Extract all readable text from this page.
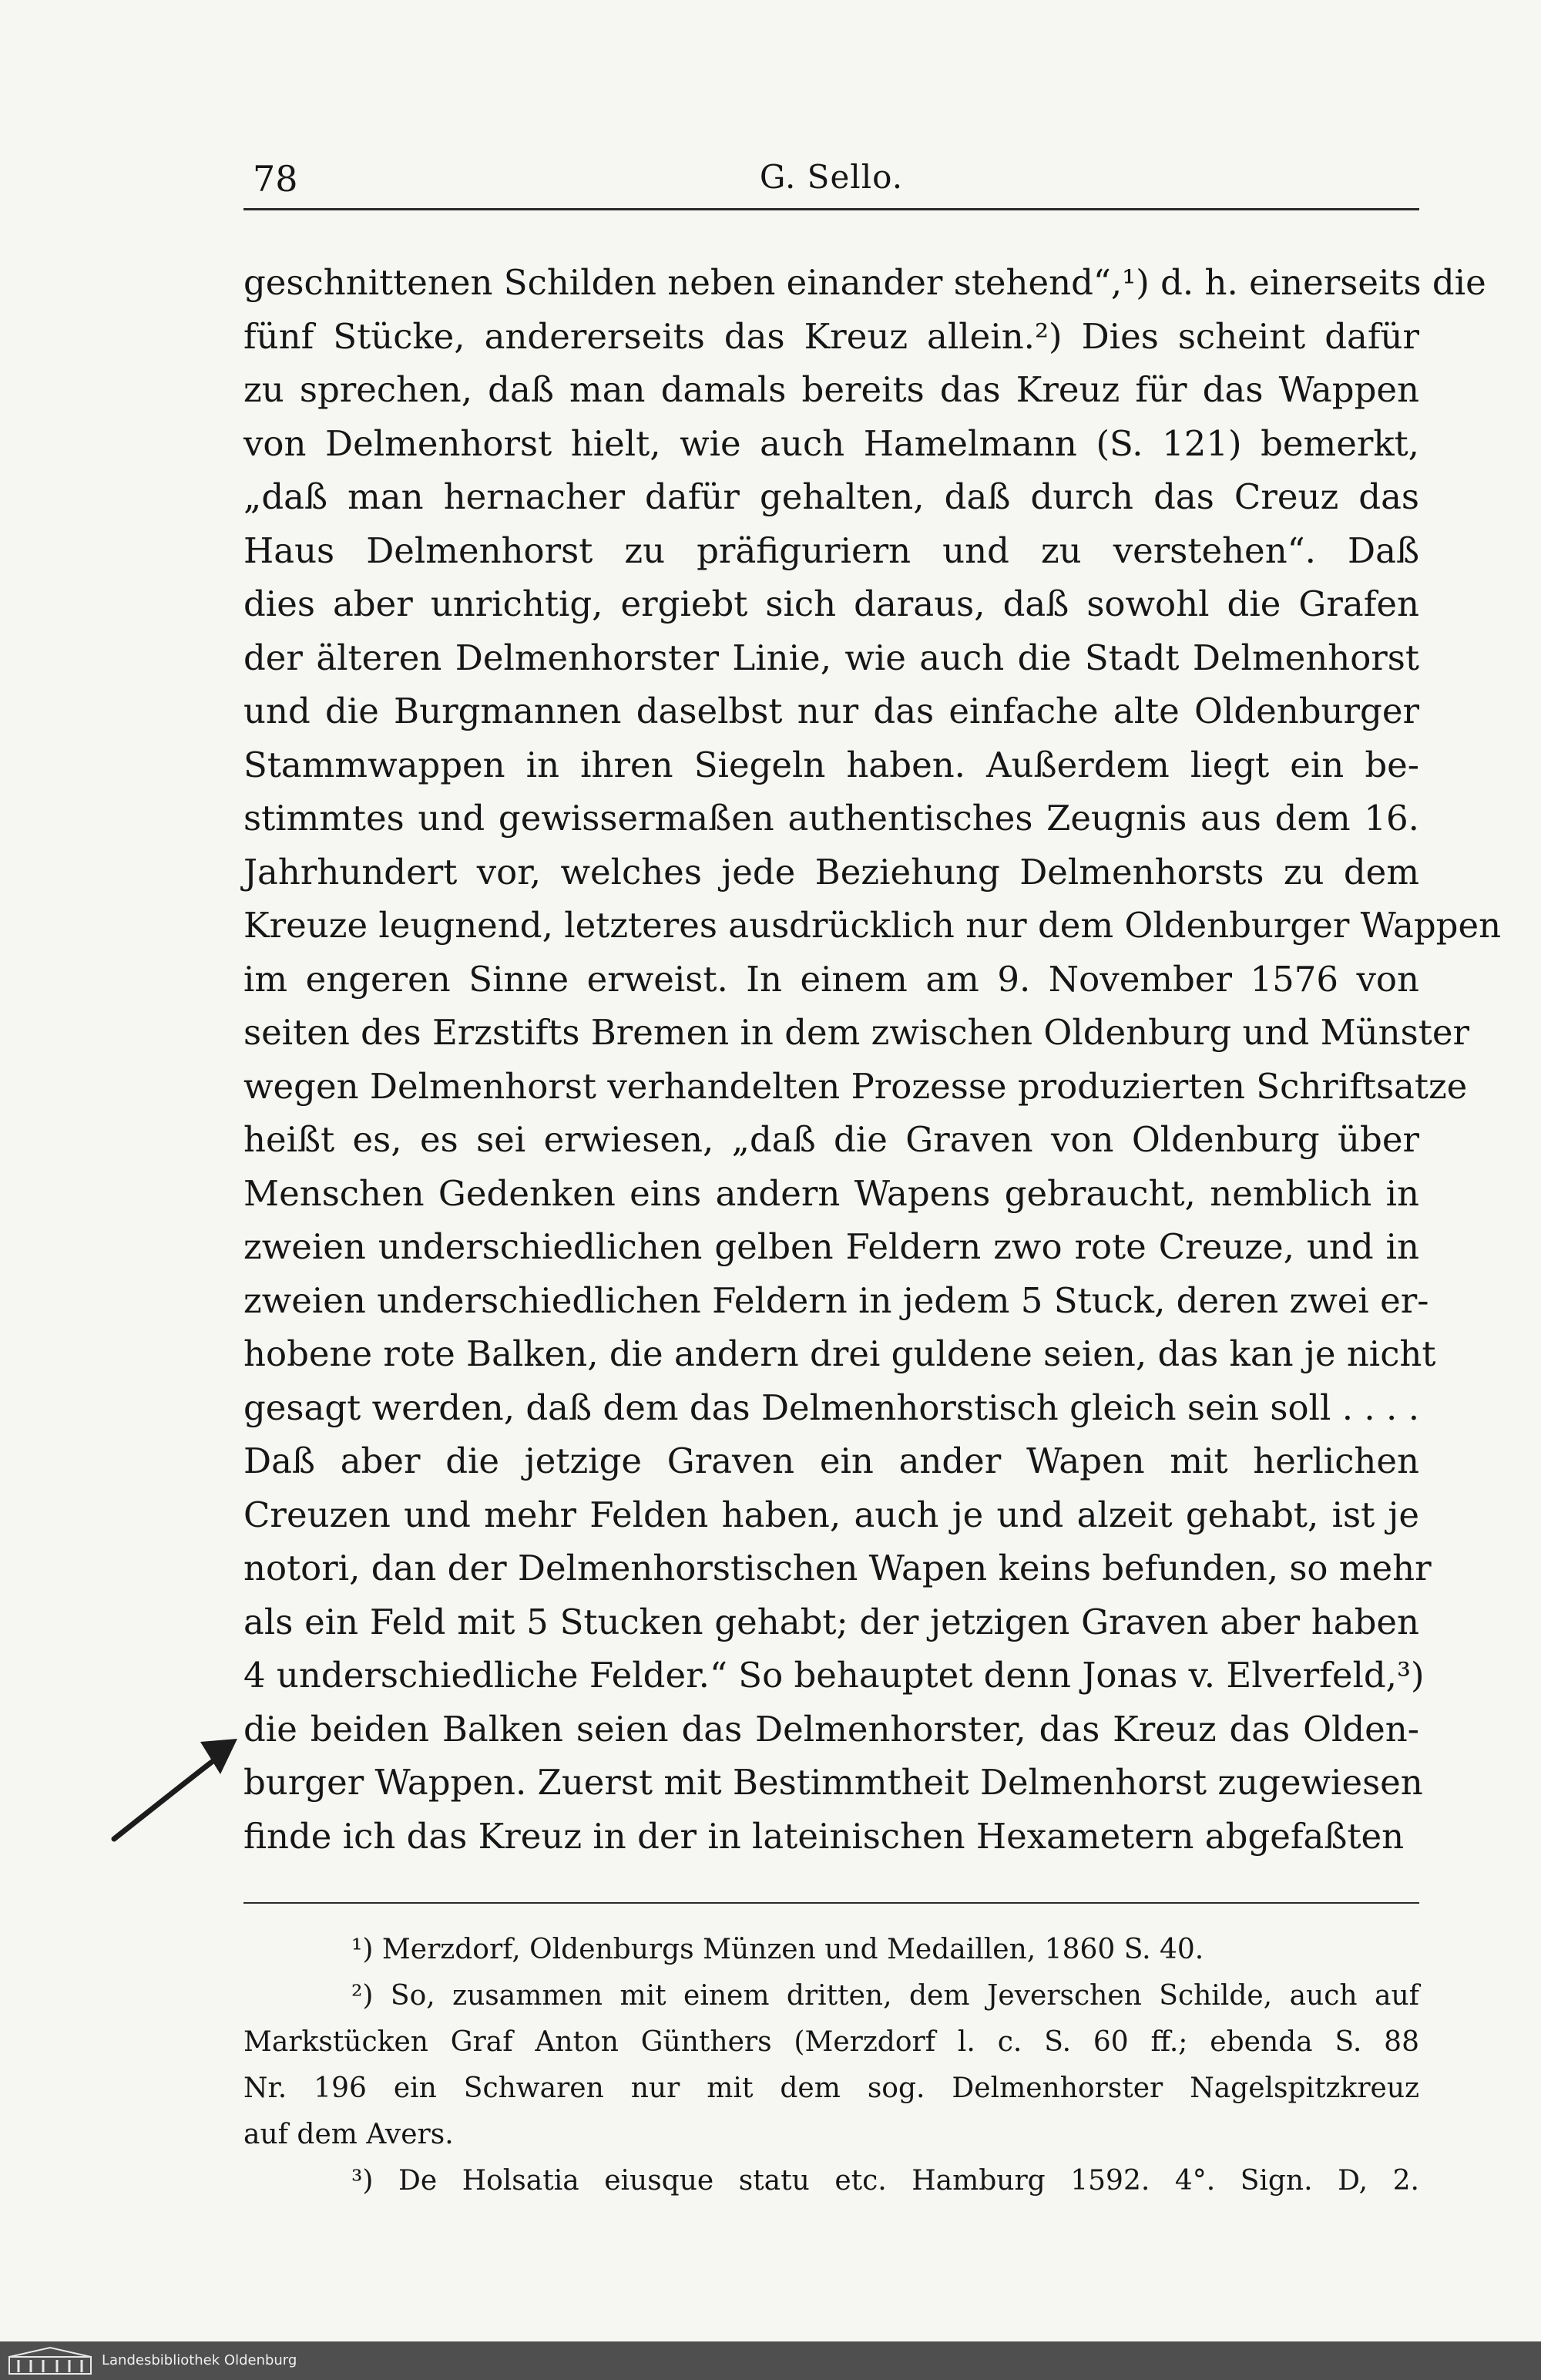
78	G. Sello.
geschnittenen Schilden neben einander stehend“,¹) d. h. einerseits die
fünf Stücke, andererseits das Kreuz allein.²) Dies scheint dafür
zu sprechen, daß man damals bereits das Kreuz für das Wappen
von Delmenhorst hielt, wie auch Hamelmann (S. 121) bemerkt,
„daß man hernacher dafür gehalten, daß durch das Creuz das
Haus Delmenhorst zu präfiguriern und zu verstehen“. Daß
dies aber unrichtig, ergiebt sich daraus, daß sowohl die Grafen
der älteren Delmenhorster Linie, wie auch die Stadt Delmenhorst
und die Burgmannen daselbst nur das einfache alte Oldenburger
Stammwappen in ihren Siegeln haben. Außerdem liegt ein be-
stimmtes und gewissermaßen authentisches Zeugnis aus dem 16.
Jahrhundert vor, welches jede Beziehung Delmenhorsts zu dem
Kreuze leugnend, letzteres ausdrücklich nur dem Oldenburger Wappen
im engeren Sinne erweist. In einem am 9. November 1576 von
seiten des Erzstifts Bremen in dem zwischen Oldenburg und Münster
wegen Delmenhorst verhandelten Prozesse produzierten Schriftsatze
heißt es, es sei erwiesen, „daß die Graven von Oldenburg über
Menschen Gedenken eins andern Wapens gebraucht, nemblich in
zweien underschiedlichen gelben Feldern zwo rote Creuze, und in
zweien underschiedlichen Feldern in jedem 5 Stuck, deren zwei er-
hobene rote Balken, die andern drei guldene seien, das kan je nicht
gesagt werden, daß dem das Delmenhorstisch gleich sein soll . . . .
Daß aber die jetzige Graven ein ander Wapen mit herlichen
Creuzen und mehr Felden haben, auch je und alzeit gehabt, ist je
notori, dan der Delmenhorstischen Wapen keins befunden, so mehr
als ein Feld mit 5 Stucken gehabt; der jetzigen Graven aber haben
4 underschiedliche Felder.“ So behauptet denn Jonas v. Elverfeld,³)
die beiden Balken seien das Delmenhorster, das Kreuz das Olden-
burger Wappen. Zuerst mit Bestimmtheit Delmenhorst zugewiesen
finde ich das Kreuz in der in lateinischen Hexametern abgefaßten
¹) Merzdorf, Oldenburgs Münzen und Medaillen, 1860 S. 40.
²) So, zusammen mit einem dritten, dem Jeverschen Schilde, auch auf
Markstücken Graf Anton Günthers (Merzdorf l. c. S. 60 ff.; ebenda S. 88
Nr. 196 ein Schwaren nur mit dem sog. Delmenhorster Nagelspitzkreuz
auf dem Avers.
³) De Holsatia eiusque statu etc. Hamburg 1592. 4°. Sign. D, 2.
Landesbibliothek Oldenburg
